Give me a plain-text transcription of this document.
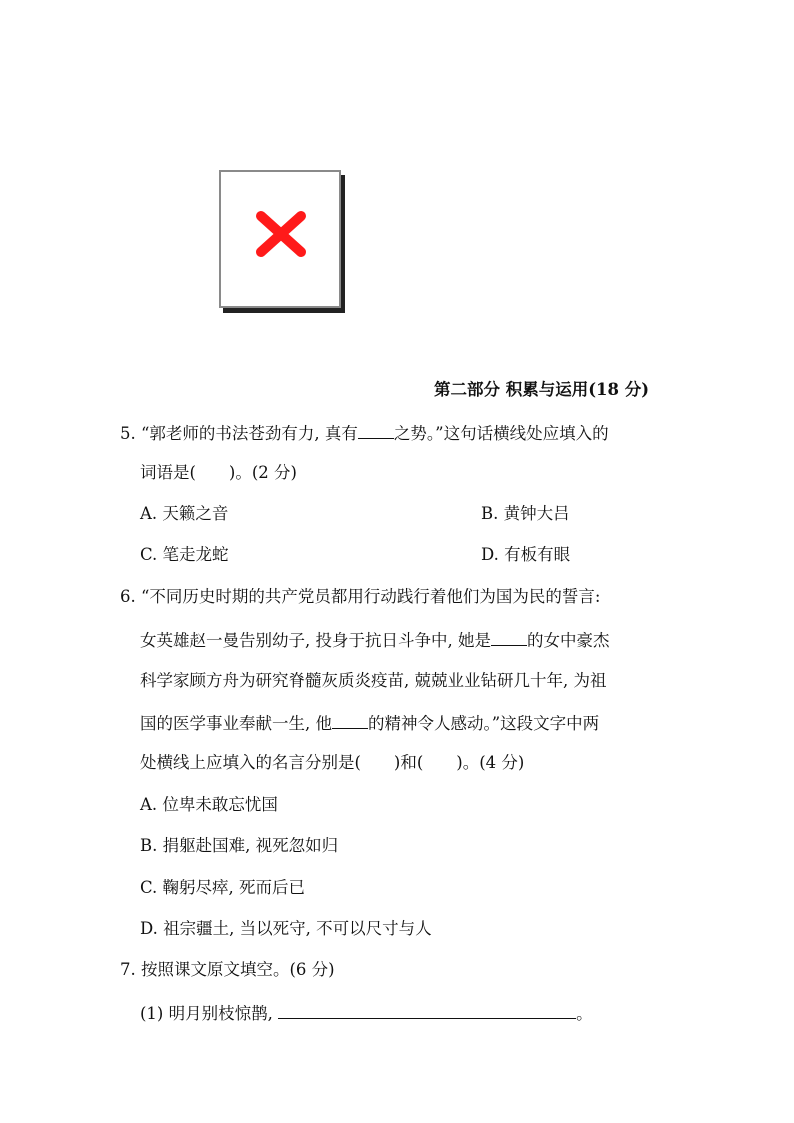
第二部分 积累与运用(18 分)
5. “郭老师的书法苍劲有力, 真有 之势。”这句话横线处应填入的
词语是(　　)。(2 分)
A. 天籁之音	B. 黄钟大吕
C. 笔走龙蛇	D. 有板有眼
6. “不同历史时期的共产党员都用行动践行着他们为国为民的誓言:
女英雄赵一曼告别幼子, 投身于抗日斗争中, 她是 的女中豪杰
科学家顾方舟为研究脊髓灰质炎疫苗, 兢兢业业钻研几十年, 为祖
国的医学事业奉献一生, 他 的精神令人感动。”这段文字中两
处横线上应填入的名言分别是(　　)和(　　)。(4 分)
A. 位卑未敢忘忧国
B. 捐躯赴国难, 视死忽如归
C. 鞠躬尽瘁, 死而后已
D. 祖宗疆土, 当以死守, 不可以尺寸与人
7. 按照课文原文填空。(6 分)
(1) 明月别枝惊鹊,	。
